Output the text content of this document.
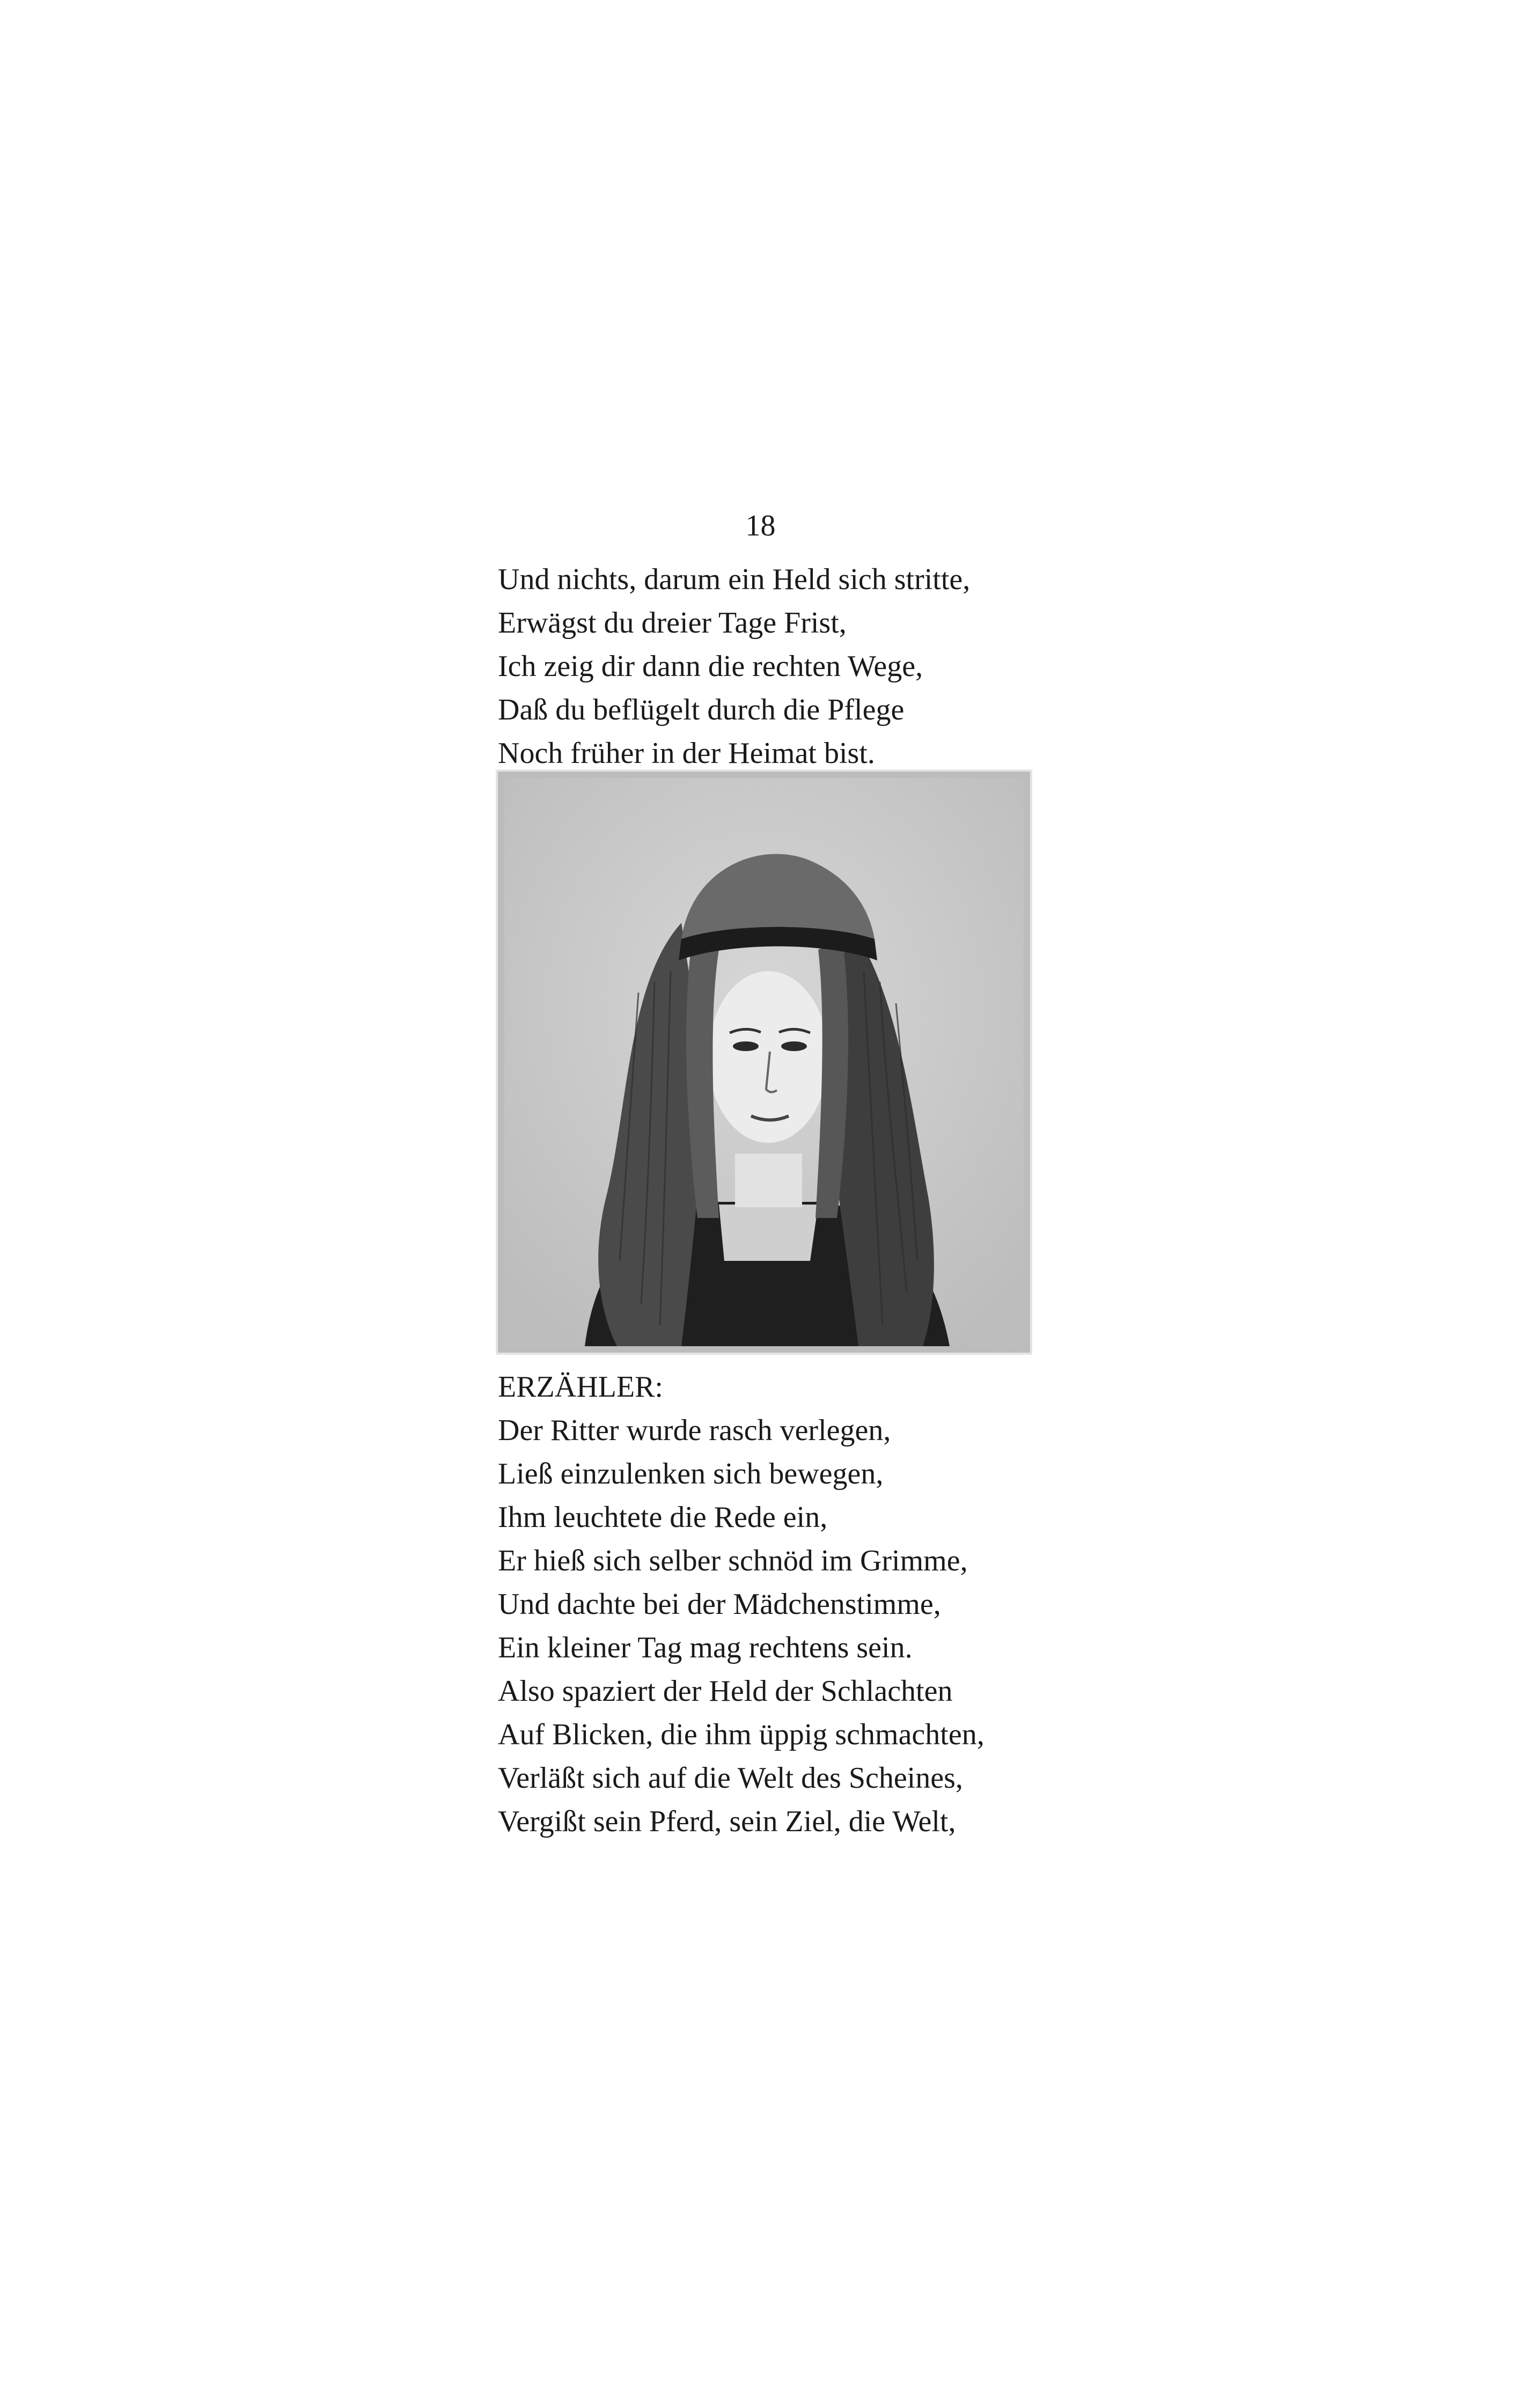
18
Und nichts, darum ein Held sich stritte,
Erwägst du dreier Tage Frist,
Ich zeig dir dann die rechten Wege,
Daß du beflügelt durch die Pflege
Noch früher in der Heimat bist.
ERZÄHLER:
Der Ritter wurde rasch verlegen,
Ließ einzulenken sich bewegen,
Ihm leuchtete die Rede ein,
Er hieß sich selber schnöd im Grimme,
Und dachte bei der Mädchenstimme,
Ein kleiner Tag mag rechtens sein.
Also spaziert der Held der Schlachten
Auf Blicken, die ihm üppig schmachten,
Verläßt sich auf die Welt des Scheines,
Vergißt sein Pferd, sein Ziel, die Welt,
